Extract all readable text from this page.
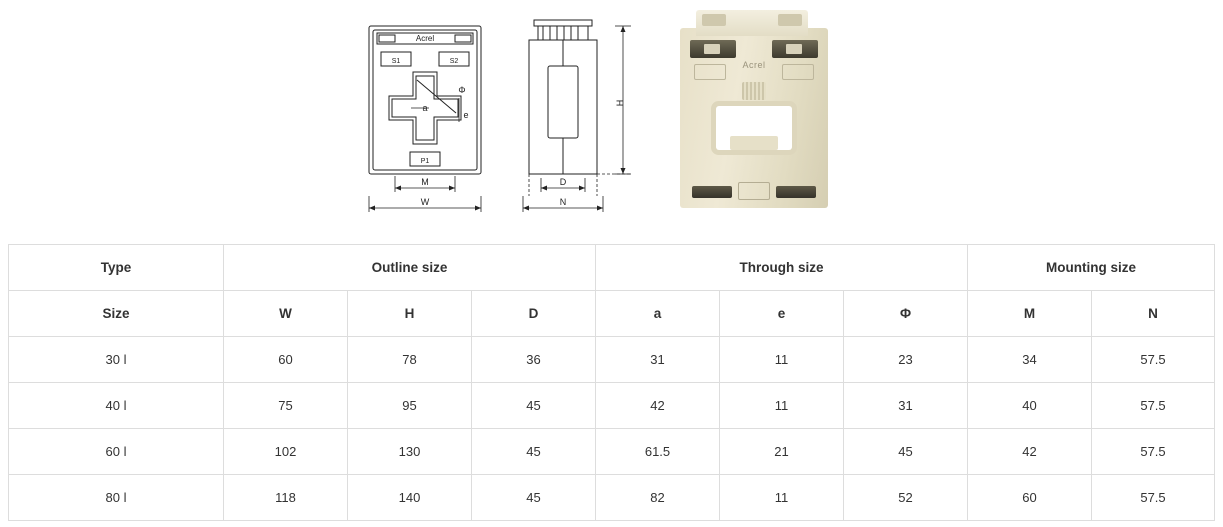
Acrel
S1	S2
P1
a
e
Φ
M
W
H
D
N
Acrel
Type	Outline size			Through size			Mounting size	
Size	W	H	D	a	e	Φ	M	N
30 l	60	78	36	31	11	23	34	57.5
40 l	75	95	45	42	11	31	40	57.5
60 l	102	130	45	61.5	21	45	42	57.5
80 l	118	140	45	82	11	52	60	57.5
